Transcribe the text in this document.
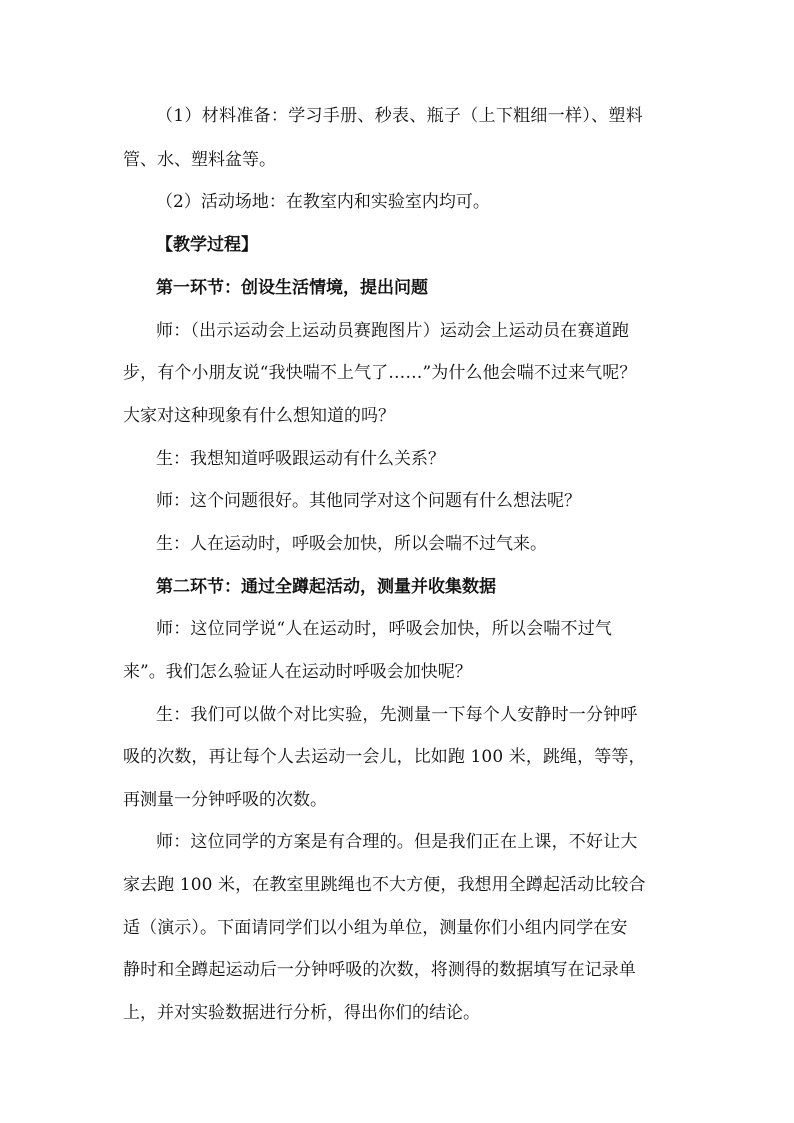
（1）材料准备：学习手册、秒表、瓶子（上下粗细一样）、塑料
管、水、塑料盆等。
（2）活动场地：在教室内和实验室内均可。
【教学过程】
第一环节：创设生活情境，提出问题
师：（出示运动会上运动员赛跑图片）运动会上运动员在赛道跑
步，有个小朋友说“我快喘不上气了……”为什么他会喘不过来气呢？
大家对这种现象有什么想知道的吗？
生：我想知道呼吸跟运动有什么关系？
师：这个问题很好。其他同学对这个问题有什么想法呢？
生：人在运动时，呼吸会加快，所以会喘不过气来。
第二环节：通过全蹲起活动，测量并收集数据
师：这位同学说“人在运动时，呼吸会加快，所以会喘不过气
来”。我们怎么验证人在运动时呼吸会加快呢？
生：我们可以做个对比实验，先测量一下每个人安静时一分钟呼
吸的次数，再让每个人去运动一会儿，比如跑 100 米，跳绳，等等，
再测量一分钟呼吸的次数。
师：这位同学的方案是有合理的。但是我们正在上课，不好让大
家去跑 100 米，在教室里跳绳也不大方便，我想用全蹲起活动比较合
适（演示）。下面请同学们以小组为单位，测量你们小组内同学在安
静时和全蹲起运动后一分钟呼吸的次数，将测得的数据填写在记录单
上，并对实验数据进行分析，得出你们的结论。
